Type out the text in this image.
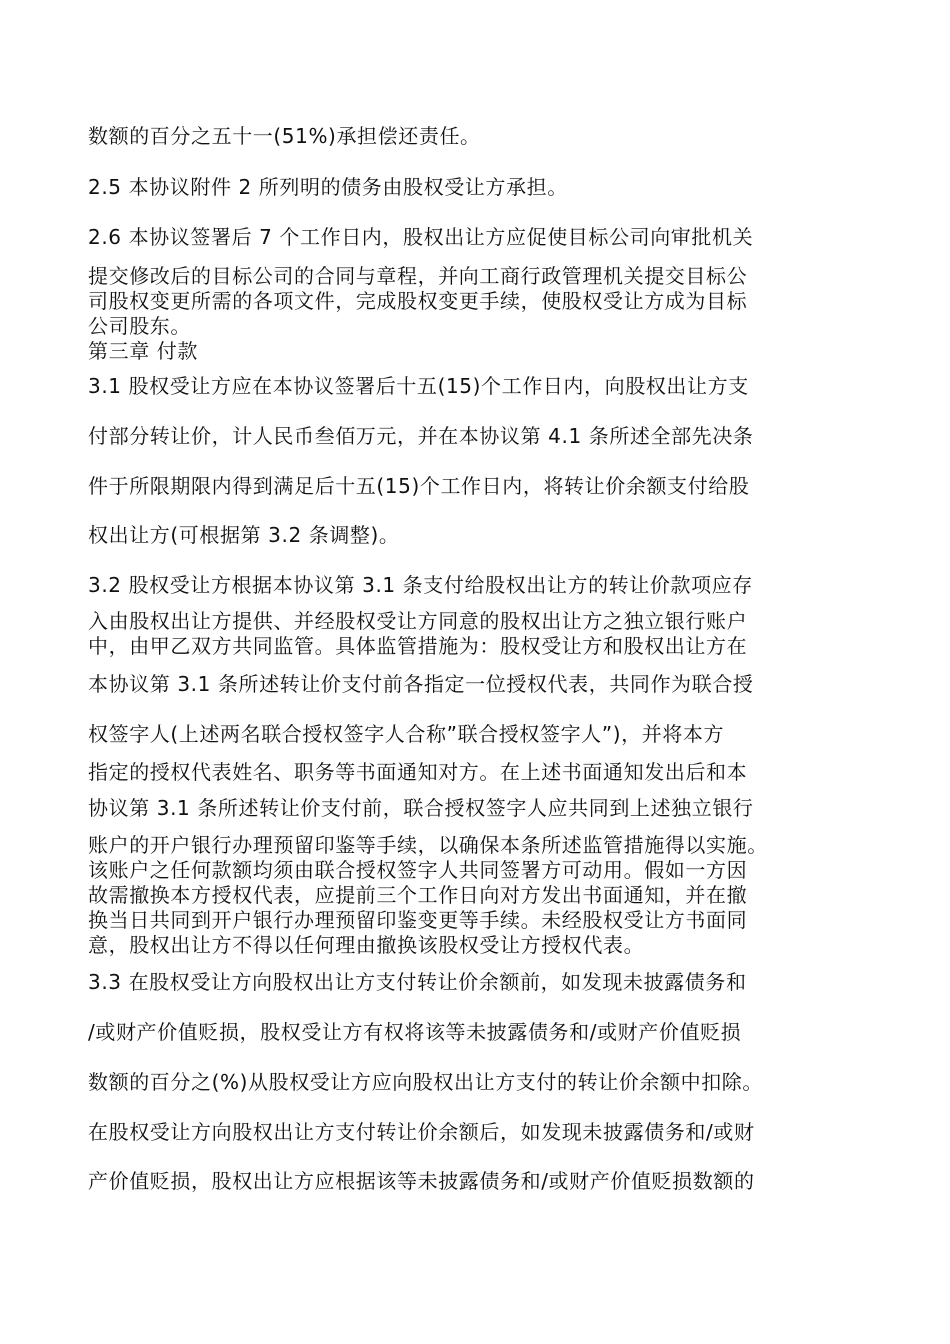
数额的百分之五十一(51%)承担偿还责任。
2.5 本协议附件 2 所列明的债务由股权受让方承担。
2.6 本协议签署后 7 个工作日内，股权出让方应促使目标公司向审批机关
提交修改后的目标公司的合同与章程，并向工商行政管理机关提交目标公
司股权变更所需的各项文件，完成股权变更手续，使股权受让方成为目标
公司股东。
第三章 付款
3.1 股权受让方应在本协议签署后十五(15)个工作日内，向股权出让方支
付部分转让价，计人民币叁佰万元，并在本协议第 4.1 条所述全部先决条
件于所限期限内得到满足后十五(15)个工作日内，将转让价余额支付给股
权出让方(可根据第 3.2 条调整)。
3.2 股权受让方根据本协议第 3.1 条支付给股权出让方的转让价款项应存
入由股权出让方提供、并经股权受让方同意的股权出让方之独立银行账户
中，由甲乙双方共同监管。具体监管措施为：股权受让方和股权出让方在
本协议第 3.1 条所述转让价支付前各指定一位授权代表，共同作为联合授
权签字人(上述两名联合授权签字人合称”联合授权签字人”)，并将本方
指定的授权代表姓名、职务等书面通知对方。在上述书面通知发出后和本
协议第 3.1 条所述转让价支付前，联合授权签字人应共同到上述独立银行
账户的开户银行办理预留印鉴等手续，以确保本条所述监管措施得以实施。
该账户之任何款额均须由联合授权签字人共同签署方可动用。假如一方因
故需撤换本方授权代表，应提前三个工作日向对方发出书面通知，并在撤
换当日共同到开户银行办理预留印鉴变更等手续。未经股权受让方书面同
意，股权出让方不得以任何理由撤换该股权受让方授权代表。
3.3 在股权受让方向股权出让方支付转让价余额前，如发现未披露债务和
/或财产价值贬损，股权受让方有权将该等未披露债务和/或财产价值贬损
数额的百分之(%)从股权受让方应向股权出让方支付的转让价余额中扣除。
在股权受让方向股权出让方支付转让价余额后，如发现未披露债务和/或财
产价值贬损，股权出让方应根据该等未披露债务和/或财产价值贬损数额的
